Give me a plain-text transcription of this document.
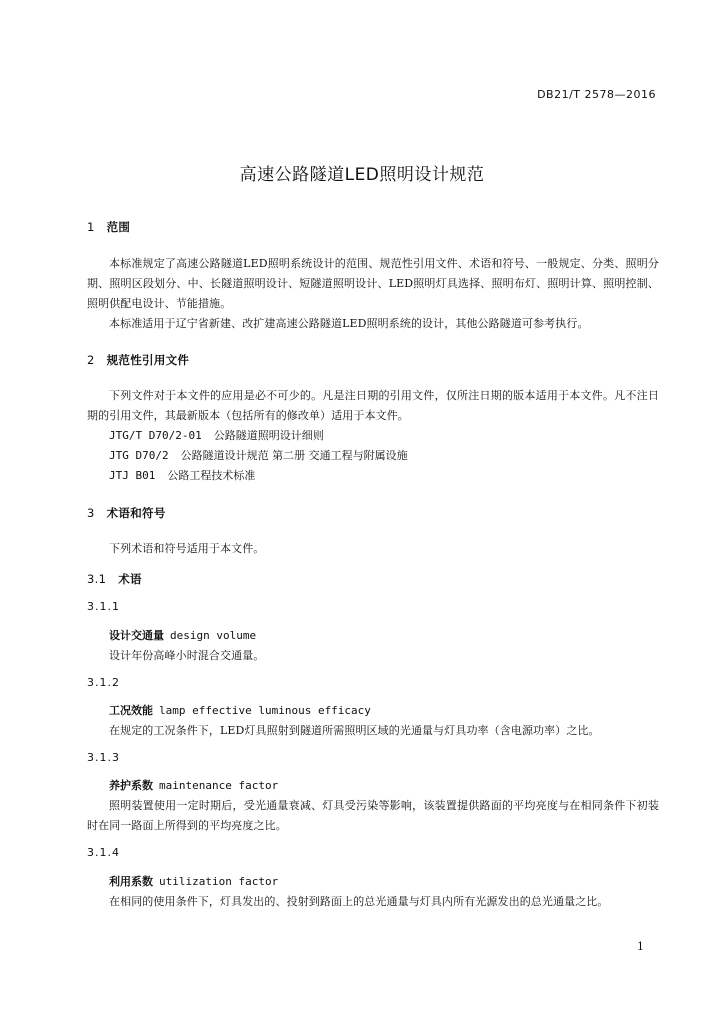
DB21/T 2578—2016
高速公路隧道LED照明设计规范
1 范围
本标准规定了高速公路隧道LED照明系统设计的范围、规范性引用文件、术语和符号、一般规定、分类、照明分期、照明区段划分、中、长隧道照明设计、短隧道照明设计、LED照明灯具选择、照明布灯、照明计算、照明控制、照明供配电设计、节能措施。
本标准适用于辽宁省新建、改扩建高速公路隧道LED照明系统的设计，其他公路隧道可参考执行。
2 规范性引用文件
下列文件对于本文件的应用是必不可少的。凡是注日期的引用文件，仅所注日期的版本适用于本文件。凡不注日期的引用文件，其最新版本（包括所有的修改单）适用于本文件。
JTG/T D70/2-01 公路隧道照明设计细则
JTG D70/2 公路隧道设计规范 第二册 交通工程与附属设施
JTJ B01 公路工程技术标准
3 术语和符号
下列术语和符号适用于本文件。
3.1 术语
3.1.1
设计交通量 design volume
设计年份高峰小时混合交通量。
3.1.2
工况效能 lamp effective luminous efficacy
在规定的工况条件下，LED灯具照射到隧道所需照明区域的光通量与灯具功率（含电源功率）之比。
3.1.3
养护系数 maintenance factor
照明装置使用一定时期后，受光通量衰减、灯具受污染等影响，该装置提供路面的平均亮度与在相同条件下初装时在同一路面上所得到的平均亮度之比。
3.1.4
利用系数 utilization factor
在相同的使用条件下，灯具发出的、投射到路面上的总光通量与灯具内所有光源发出的总光通量之比。
1
